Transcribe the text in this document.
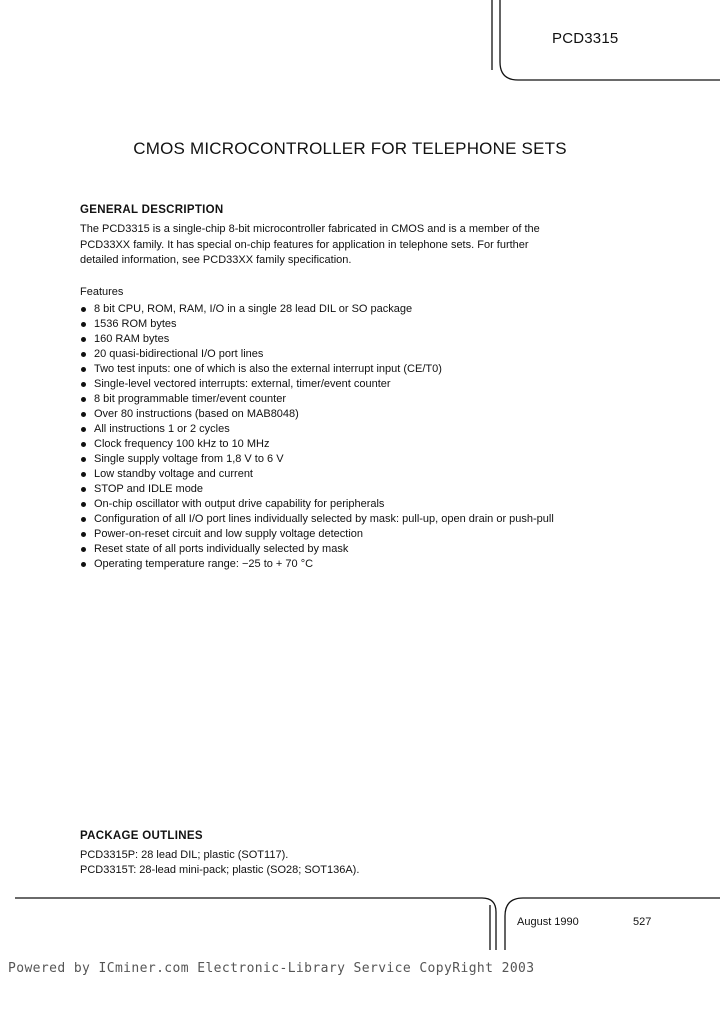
PCD3315
CMOS MICROCONTROLLER FOR TELEPHONE SETS
GENERAL DESCRIPTION
The PCD3315 is a single-chip 8-bit microcontroller fabricated in CMOS and is a member of the
PCD33XX family. It has special on-chip features for application in telephone sets. For further
detailed information, see PCD33XX family specification.
Features
8 bit CPU, ROM, RAM, I/O in a single 28 lead DIL or SO package
1536 ROM bytes
160 RAM bytes
20 quasi-bidirectional I/O port lines
Two test inputs: one of which is also the external interrupt input (CE/T0)
Single-level vectored interrupts: external, timer/event counter
8 bit programmable timer/event counter
Over 80 instructions (based on MAB8048)
All instructions 1 or 2 cycles
Clock frequency 100 kHz to 10 MHz
Single supply voltage from 1,8 V to 6 V
Low standby voltage and current
STOP and IDLE mode
On-chip oscillator with output drive capability for peripherals
Configuration of all I/O port lines individually selected by mask: pull-up, open drain or push-pull
Power-on-reset circuit and low supply voltage detection
Reset state of all ports individually selected by mask
Operating temperature range: −25 to + 70 °C
PACKAGE OUTLINES
PCD3315P: 28 lead DIL; plastic (SOT117).
PCD3315T: 28-lead mini-pack; plastic (SO28; SOT136A).
August 1990	527
Powered by ICminer.com Electronic-Library Service CopyRight 2003
